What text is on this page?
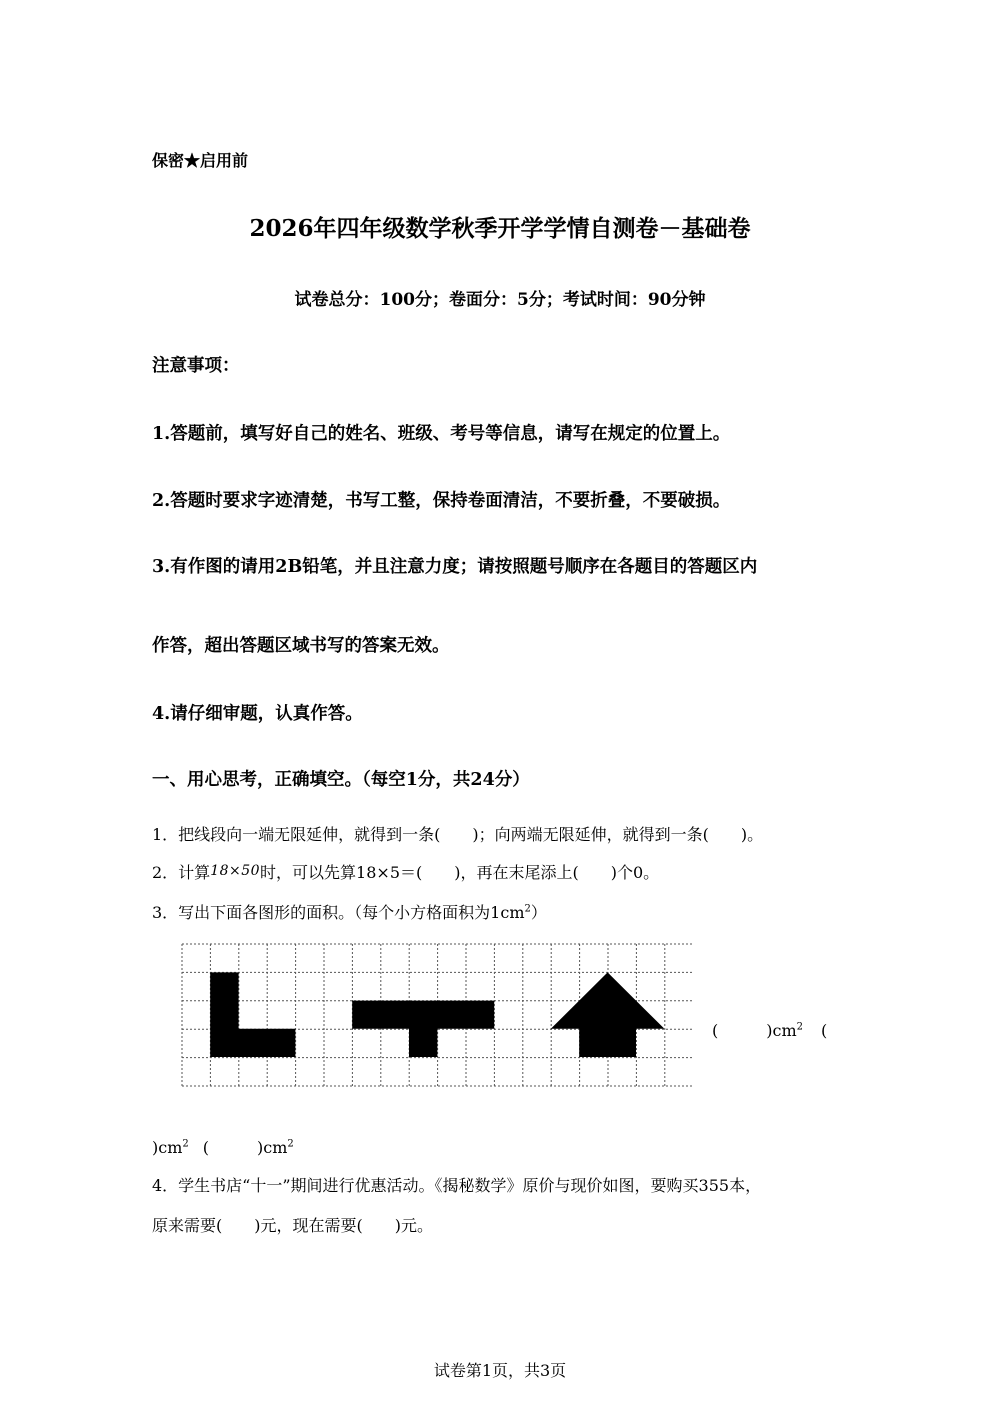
保密★启用前
2026年四年级数学秋季开学学情自测卷－基础卷
试卷总分：100分；卷面分：5分；考试时间：90分钟
注意事项：
1.答题前，填写好自己的姓名、班级、考号等信息，请写在规定的位置上。
2.答题时要求字迹清楚，书写工整，保持卷面清洁，不要折叠，不要破损。
3.有作图的请用2B铅笔，并且注意力度；请按照题号顺序在各题目的答题区内
作答，超出答题区域书写的答案无效。
4.请仔细审题，认真作答。
一、用心思考，正确填空。（每空1分，共24分）
1．把线段向一端无限延伸，就得到一条(　　)；向两端无限延伸，就得到一条(　　)。
2．计算18×50时，可以先算18×5＝(　　)，再在末尾添上(　　)个0。
3．写出下面各图形的面积。（每个小方格面积为$1cm^2$）
(　　　)$cm^2$ (
)$cm^2$ (　　　)$cm^2$
4．学生书店“十一”期间进行优惠活动。《揭秘数学》原价与现价如图，要购买355本，
原来需要(　　)元，现在需要(　　)元。
试卷第1页，共3页
